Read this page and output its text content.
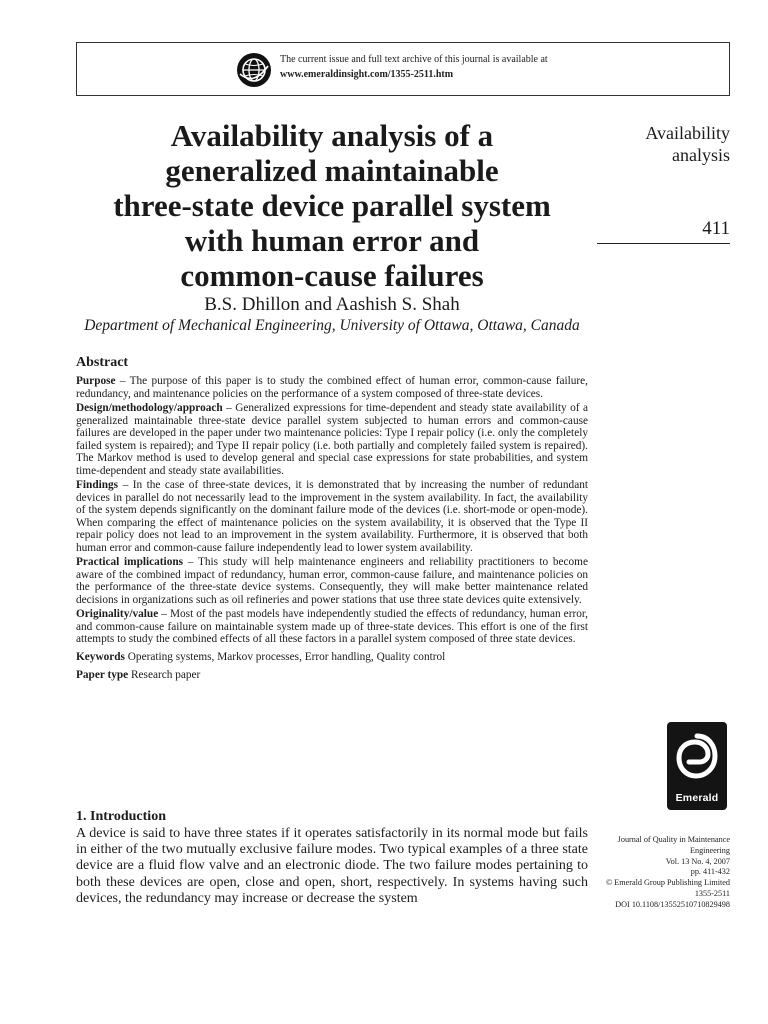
The current issue and full text archive of this journal is available at
www.emeraldinsight.com/1355-2511.htm
Availability analysis of a
generalized maintainable
three-state device parallel system
with human error and
common-cause failures
B.S. Dhillon and Aashish S. Shah
Department of Mechanical Engineering, University of Ottawa, Ottawa, Canada
Availability
analysis
411
Abstract

Purpose – The purpose of this paper is to study the combined effect of human error, common-cause failure, redundancy, and maintenance policies on the performance of a system composed of three-state devices.

Design/methodology/approach – Generalized expressions for time-dependent and steady state availability of a generalized maintainable three-state device parallel system subjected to human errors and common-cause failures are developed in the paper under two maintenance policies: Type I repair policy (i.e. only the completely failed system is repaired); and Type II repair policy (i.e. both partially and completely failed system is repaired). The Markov method is used to develop general and special case expressions for state probabilities, and system time-dependent and steady state availabilities.

Findings – In the case of three-state devices, it is demonstrated that by increasing the number of redundant devices in parallel do not necessarily lead to the improvement in the system availability. In fact, the availability of the system depends significantly on the dominant failure mode of the devices (i.e. short-mode or open-mode). When comparing the effect of maintenance policies on the system availability, it is observed that the Type II repair policy does not lead to an improvement in the system availability. Furthermore, it is observed that both human error and common-cause failure independently lead to lower system availability.

Practical implications – This study will help maintenance engineers and reliability practitioners to become aware of the combined impact of redundancy, human error, common-cause failure, and maintenance policies on the performance of the three-state device systems. Consequently, they will make better maintenance related decisions in organizations such as oil refineries and power stations that use three state devices quite extensively.

Originality/value – Most of the past models have independently studied the effects of redundancy, human error, and common-cause failure on maintainable system made up of three-state devices. This effort is one of the first attempts to study the combined effects of all these factors in a parallel system composed of three state devices.

Keywords Operating systems, Markov processes, Error handling, Quality control

Paper type Research paper

1. Introduction

A device is said to have three states if it operates satisfactorily in its normal mode but fails in either of the two mutually exclusive failure modes. Two typical examples of a three state device are a fluid flow valve and an electronic diode. The two failure modes pertaining to both these devices are open, close and open, short, respectively. In systems having such devices, the redundancy may increase or decrease the system

Emerald
Journal of Quality in Maintenance
Engineering
Vol. 13 No. 4, 2007
pp. 411-432
© Emerald Group Publishing Limited
1355-2511
DOI 10.1108/13552510710829498
